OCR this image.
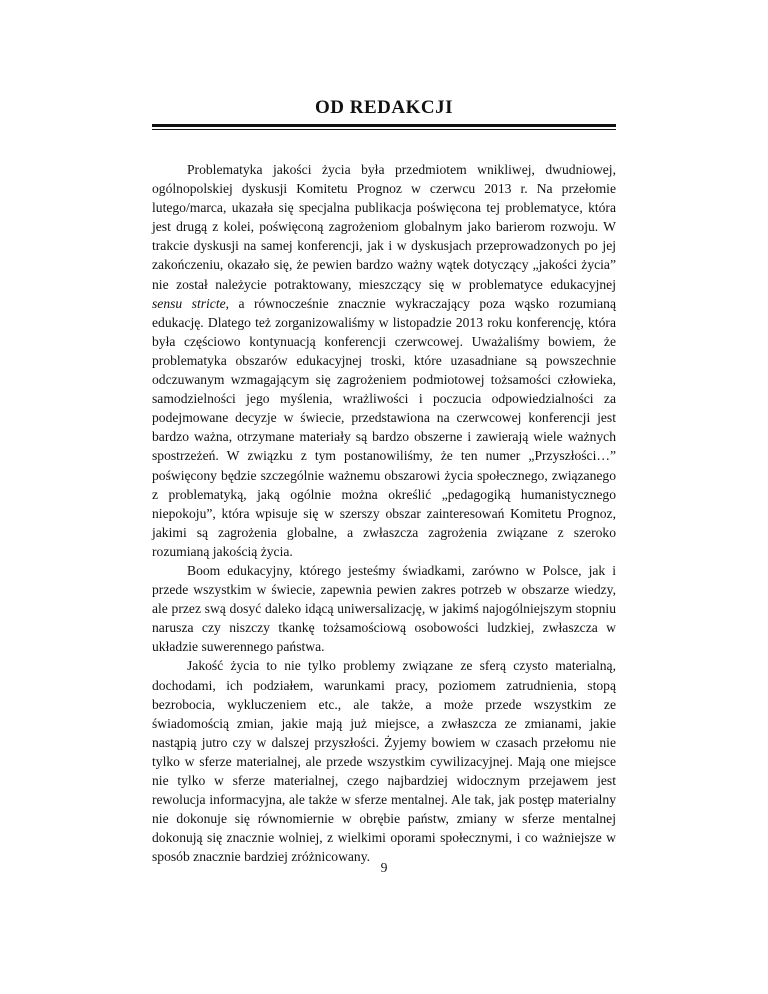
OD REDAKCJI

Problematyka jakości życia była przedmiotem wnikliwej, dwudniowej, ogólnopolskiej dyskusji Komitetu Prognoz w czerwcu 2013 r. Na przełomie lutego/marca, ukazała się specjalna publikacja poświęcona tej problematyce, która jest drugą z kolei, poświęconą zagrożeniom globalnym jako barierom rozwoju. W trakcie dyskusji na samej konferencji, jak i w dyskusjach przeprowadzonych po jej zakończeniu, okazało się, że pewien bardzo ważny wątek dotyczący „jakości życia” nie został należycie potraktowany, mieszczący się w problematyce edukacyjnej sensu stricte, a równocześnie znacznie wykraczający poza wąsko rozumianą edukację. Dlatego też zorganizowaliśmy w listopadzie 2013 roku konferencję, która była częściowo kontynuacją konferencji czerwcowej. Uważaliśmy bowiem, że problematyka obszarów edukacyjnej troski, które uzasadniane są powszechnie odczuwanym wzmagającym się zagrożeniem podmiotowej tożsamości człowieka, samodzielności jego myślenia, wrażliwości i poczucia odpowiedzialności za podejmowane decyzje w świecie, przedstawiona na czerwcowej konferencji jest bardzo ważna, otrzymane materiały są bardzo obszerne i zawierają wiele ważnych spostrzeżeń. W związku z tym postanowiliśmy, że ten numer „Przyszłości…” poświęcony będzie szczególnie ważnemu obszarowi życia społecznego, związanego z problematyką, jaką ogólnie można określić „pedagogiką humanistycznego niepokoju”, która wpisuje się w szerszy obszar zainteresowań Komitetu Prognoz, jakimi są zagrożenia globalne, a zwłaszcza zagrożenia związane z szeroko rozumianą jakością życia.

Boom edukacyjny, którego jesteśmy świadkami, zarówno w Polsce, jak i przede wszystkim w świecie, zapewnia pewien zakres potrzeb w obszarze wiedzy, ale przez swą dosyć daleko idącą uniwersalizację, w jakimś najogólniejszym stopniu narusza czy niszczy tkankę tożsamościową osobowości ludzkiej, zwłaszcza w układzie suwerennego państwa.

Jakość życia to nie tylko problemy związane ze sferą czysto materialną, dochodami, ich podziałem, warunkami pracy, poziomem zatrudnienia, stopą bezrobocia, wykluczeniem etc., ale także, a może przede wszystkim ze świadomością zmian, jakie mają już miejsce, a zwłaszcza ze zmianami, jakie nastąpią jutro czy w dalszej przyszłości. Żyjemy bowiem w czasach przełomu nie tylko w sferze materialnej, ale przede wszystkim cywilizacyjnej. Mają one miejsce nie tylko w sferze materialnej, czego najbardziej widocznym przejawem jest rewolucja informacyjna, ale także w sferze mentalnej. Ale tak, jak postęp materialny nie dokonuje się równomiernie w obrębie państw, zmiany w sferze mentalnej dokonują się znacznie wolniej, z wielkimi oporami społecznymi, i co ważniejsze w sposób znacznie bardziej zróżnicowany.

9
